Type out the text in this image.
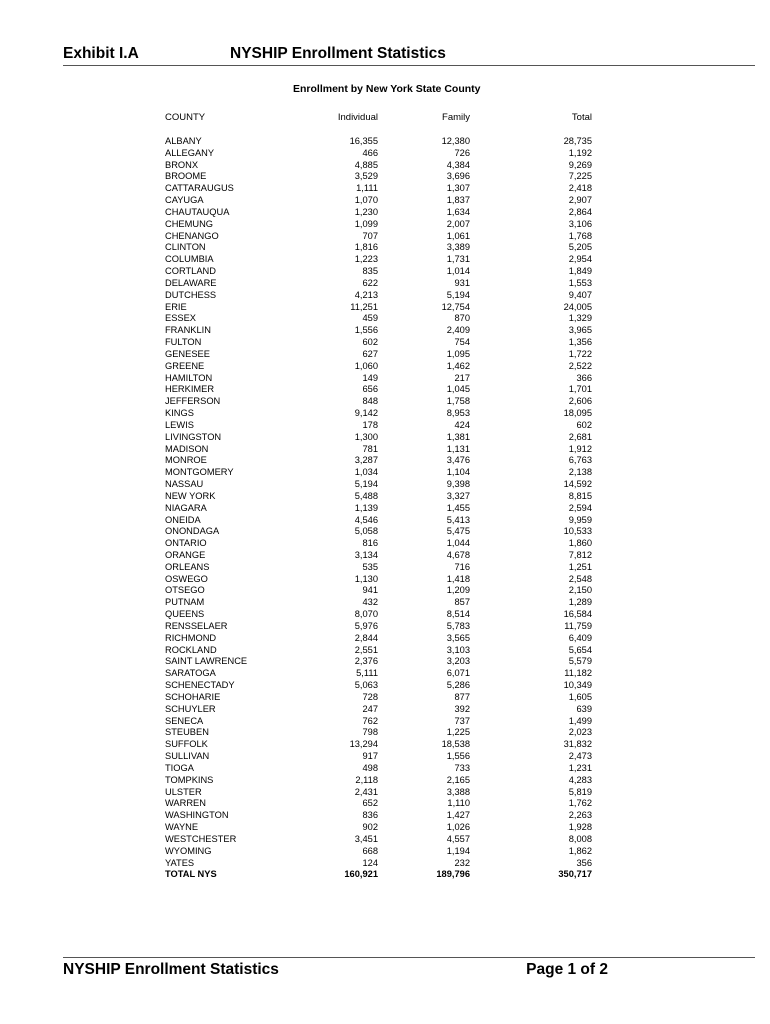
Exhibit I.A	NYSHIP Enrollment Statistics
Enrollment by New York State County
COUNTY	Individual	Family	Total
ALBANY	16,355	12,380	28,735
ALLEGANY	466	726	1,192
BRONX	4,885	4,384	9,269
BROOME	3,529	3,696	7,225
CATTARAUGUS	1,111	1,307	2,418
CAYUGA	1,070	1,837	2,907
CHAUTAUQUA	1,230	1,634	2,864
CHEMUNG	1,099	2,007	3,106
CHENANGO	707	1,061	1,768
CLINTON	1,816	3,389	5,205
COLUMBIA	1,223	1,731	2,954
CORTLAND	835	1,014	1,849
DELAWARE	622	931	1,553
DUTCHESS	4,213	5,194	9,407
ERIE	11,251	12,754	24,005
ESSEX	459	870	1,329
FRANKLIN	1,556	2,409	3,965
FULTON	602	754	1,356
GENESEE	627	1,095	1,722
GREENE	1,060	1,462	2,522
HAMILTON	149	217	366
HERKIMER	656	1,045	1,701
JEFFERSON	848	1,758	2,606
KINGS	9,142	8,953	18,095
LEWIS	178	424	602
LIVINGSTON	1,300	1,381	2,681
MADISON	781	1,131	1,912
MONROE	3,287	3,476	6,763
MONTGOMERY	1,034	1,104	2,138
NASSAU	5,194	9,398	14,592
NEW YORK	5,488	3,327	8,815
NIAGARA	1,139	1,455	2,594
ONEIDA	4,546	5,413	9,959
ONONDAGA	5,058	5,475	10,533
ONTARIO	816	1,044	1,860
ORANGE	3,134	4,678	7,812
ORLEANS	535	716	1,251
OSWEGO	1,130	1,418	2,548
OTSEGO	941	1,209	2,150
PUTNAM	432	857	1,289
QUEENS	8,070	8,514	16,584
RENSSELAER	5,976	5,783	11,759
RICHMOND	2,844	3,565	6,409
ROCKLAND	2,551	3,103	5,654
SAINT LAWRENCE	2,376	3,203	5,579
SARATOGA	5,111	6,071	11,182
SCHENECTADY	5,063	5,286	10,349
SCHOHARIE	728	877	1,605
SCHUYLER	247	392	639
SENECA	762	737	1,499
STEUBEN	798	1,225	2,023
SUFFOLK	13,294	18,538	31,832
SULLIVAN	917	1,556	2,473
TIOGA	498	733	1,231
TOMPKINS	2,118	2,165	4,283
ULSTER	2,431	3,388	5,819
WARREN	652	1,110	1,762
WASHINGTON	836	1,427	2,263
WAYNE	902	1,026	1,928
WESTCHESTER	3,451	4,557	8,008
WYOMING	668	1,194	1,862
YATES	124	232	356
TOTAL NYS	160,921	189,796	350,717
NYSHIP Enrollment Statistics	Page 1 of 2
